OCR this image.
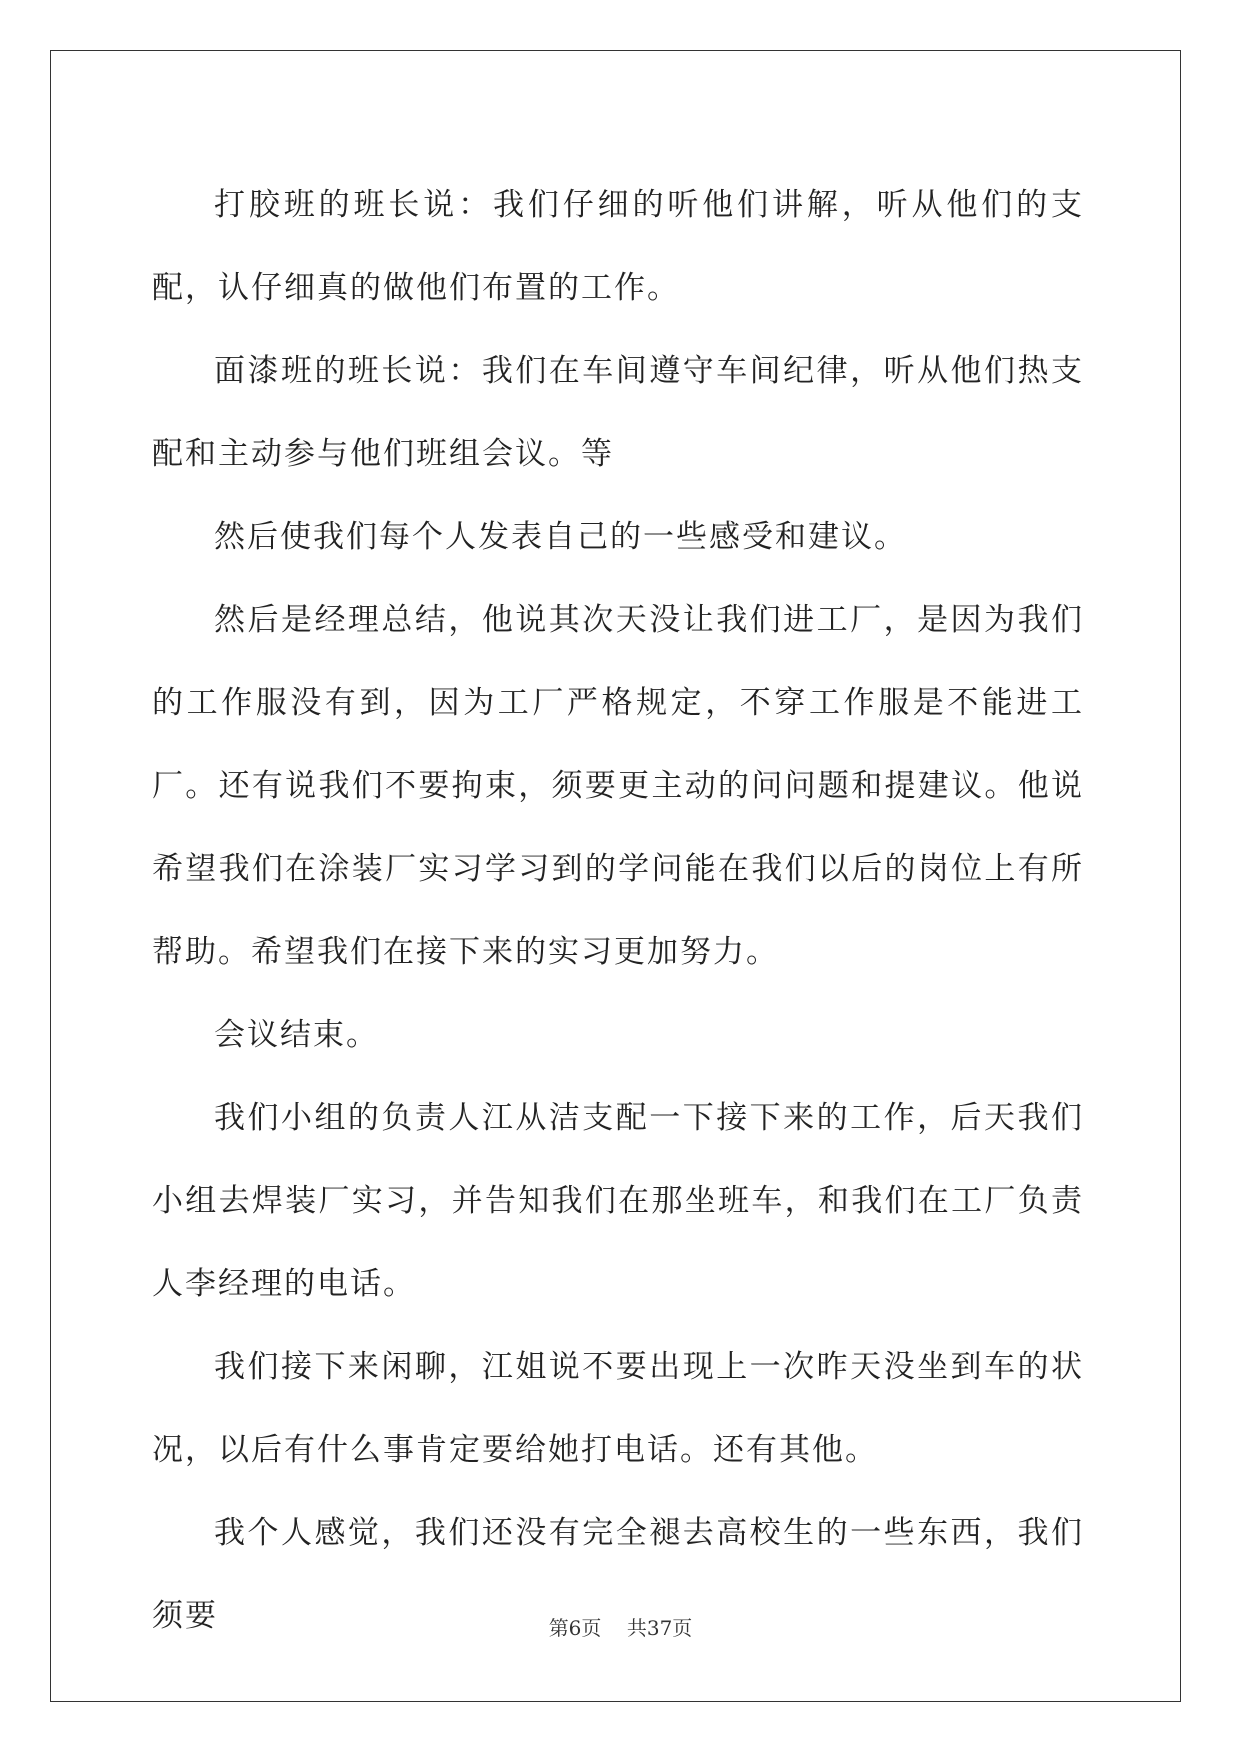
打胶班的班长说：我们仔细的听他们讲解，听从他们的支配，认仔细真的做他们布置的工作。

面漆班的班长说：我们在车间遵守车间纪律，听从他们热支配和主动参与他们班组会议。等

然后使我们每个人发表自己的一些感受和建议。

然后是经理总结，他说其次天没让我们进工厂，是因为我们的工作服没有到，因为工厂严格规定，不穿工作服是不能进工厂。还有说我们不要拘束，须要更主动的问问题和提建议。他说希望我们在涂装厂实习学习到的学问能在我们以后的岗位上有所帮助。希望我们在接下来的实习更加努力。

会议结束。

我们小组的负责人江从洁支配一下接下来的工作，后天我们小组去焊装厂实习，并告知我们在那坐班车，和我们在工厂负责人李经理的电话。

我们接下来闲聊，江姐说不要出现上一次昨天没坐到车的状况，以后有什么事肯定要给她打电话。还有其他。

我个人感觉，我们还没有完全褪去高校生的一些东西，我们须要	第6页 共37页
